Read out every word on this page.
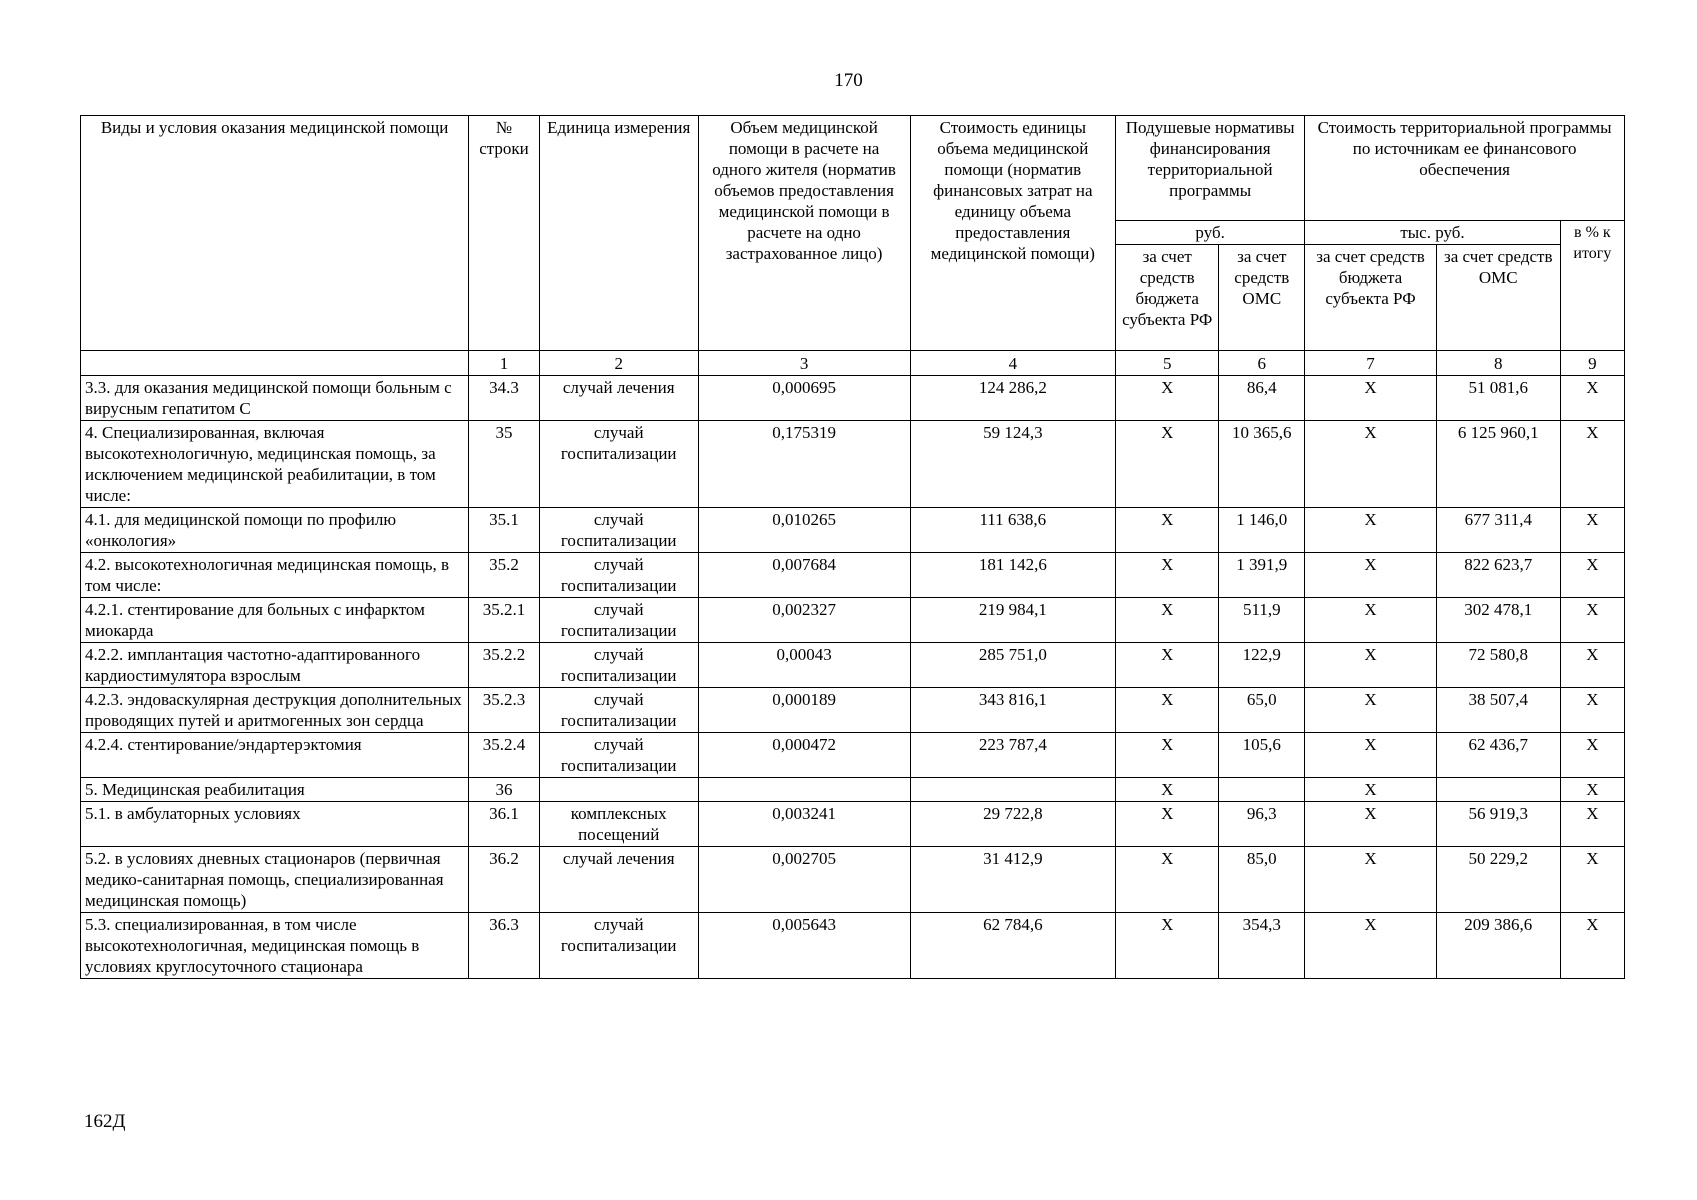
170
Виды и условия оказания медицинской помощи	№ строки	Единица измерения	Объем медицинской помощи в расчете на одного жителя (норматив объемов предоставления медицинской помощи в расчете на одно застрахованное лицо)	Стоимость единицы объема медицинской помощи (норматив финансовых затрат на единицу объема предоставления медицинской помощи)	Подушевые нормативы финансирования территориальной программы		Стоимость территориальной программы по источникам ее финансового обеспечения		
					руб.		тыс. руб.		в % к итогу
					за счет средств бюджета субъекта РФ	за счет средств ОМС	за счет средств бюджета субъекта РФ	за счет средств ОМС	
	1	2	3	4	5	6	7	8	9
3.3. для оказания медицинской помощи больным с вирусным гепатитом С	34.3	случай лечения	0,000695	124 286,2	X	86,4	X	51 081,6	X
4. Специализированная, включая высокотехнологичную, медицинская помощь, за исключением медицинской реабилитации, в том числе:	35	случай госпитализации	0,175319	59 124,3	X	10 365,6	X	6 125 960,1	X
4.1. для медицинской помощи по профилю «онкология»	35.1	случай госпитализации	0,010265	111 638,6	X	1 146,0	X	677 311,4	X
4.2. высокотехнологичная медицинская помощь, в том числе:	35.2	случай госпитализации	0,007684	181 142,6	X	1 391,9	X	822 623,7	X
4.2.1. стентирование для больных с инфарктом миокарда	35.2.1	случай госпитализации	0,002327	219 984,1	X	511,9	X	302 478,1	X
4.2.2. имплантация частотно-адаптированного кардиостимулятора взрослым	35.2.2	случай госпитализации	0,00043	285 751,0	X	122,9	X	72 580,8	X
4.2.3. эндоваскулярная деструкция дополнительных проводящих путей и аритмогенных зон сердца	35.2.3	случай госпитализации	0,000189	343 816,1	X	65,0	X	38 507,4	X
4.2.4. стентирование/эндартерэктомия	35.2.4	случай госпитализации	0,000472	223 787,4	X	105,6	X	62 436,7	X
5. Медицинская реабилитация	36				X		X		X
5.1. в амбулаторных условиях	36.1	комплексных посещений	0,003241	29 722,8	X	96,3	X	56 919,3	X
5.2. в условиях дневных стационаров (первичная медико-санитарная помощь, специализированная медицинская помощь)	36.2	случай лечения	0,002705	31 412,9	X	85,0	X	50 229,2	X
5.3. специализированная, в том числе высокотехнологичная, медицинская помощь в условиях круглосуточного стационара	36.3	случай госпитализации	0,005643	62 784,6	X	354,3	X	209 386,6	X
162Д
